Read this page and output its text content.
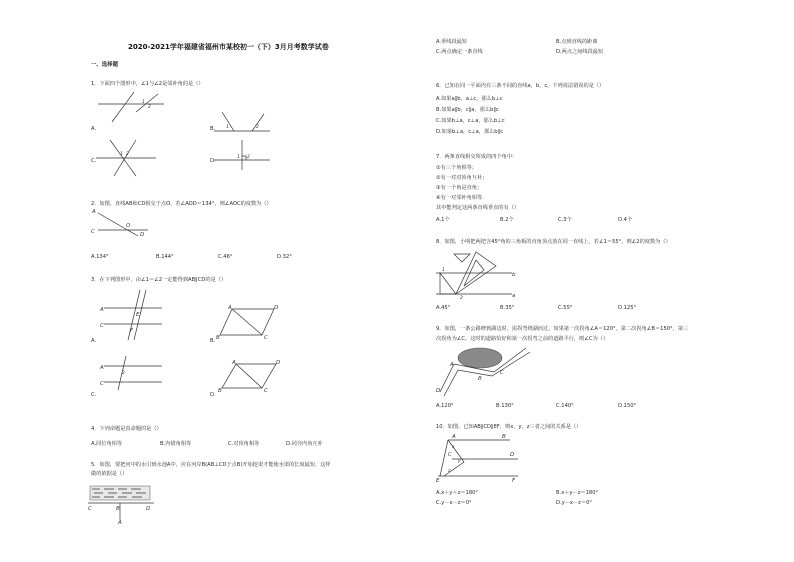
2020-2021学年福建省福州市某校初一（下）3月月考数学试卷
一、选择题
1．下面四个图形中，∠1与∠2是邻补角的是（）
A.	B.
C.	D.
1
2
1	2
1 2
1 2
2．如图，直线AB和CD相交于点O，若∠AOD＝134°，则∠AOC的度数为（）
A
C
O
D
A.134°	B.144°	C.46°	D.32°
3．在下列图形中，由∠1＝∠2一定能得到AB∥CD的是（）
A
C
E
F
A.
A	D
B	C
B.
A
C
2
C.
A	D
B	C
D.
4．下列命题是真命题的是（）
A.同位角相等	B.内错角相等	C.对顶角相等	D.同旁内角互补
5．如图，要把河中的水引到水池A中，应在河岸B(AB⊥CD于点B)开始挖渠才能使水渠的长度最短，这样
做的依据是（）
C	B	D
A
A.垂线段最短	B.点到直线的距离
C.两点确定一条直线	D.两点之间线段最短
6．已知在同一平面内有三条不同的直线a，b，c，下列说法错误的是（）
A.如果a∥b，a⊥c，那么b⊥c
B.如果a∥b，c∥a，那么b∥c
C.如果b⊥a，c⊥a，那么b⊥c
D.如果b⊥a，c⊥a，那么b∥c
7．两条直线相交所成的四个角中：
①有三个角相等；
②有一对对顶角互补；
③有一个角是直角；
④有一对邻补角相等．
其中能判定这两条直线垂直的有（）
A.1个	B.2个	C.3个	D.4个
8．如图，小明把两把含45°角的三角板的直角顶点放在同一直线上，若∠1＝55°，则∠2的度数为（）
b
a
1
2
A.45°	B.35°	C.55°	D.125°
9．如图，一条公路修到湖边时，需拐弯绕湖而过，如果第一次拐角∠A＝120°，第二次拐角∠B＝150°，第三
次拐角为∠C，这时的道路恰好和第一次拐弯之前的道路平行，则∠C为（）
D
A
B
C
A.120°	B.130°	C.140°	D.150°
10．如图，已知AB∥CD∥EF，则x，y，z三者之间的关系是（）
A	B
C	D
E	F
x
y
z
A.x＋y＋z＝180°	B.x＋y－z＝180°
C.y－x－z＝0°	D.y－x－z＝0°
